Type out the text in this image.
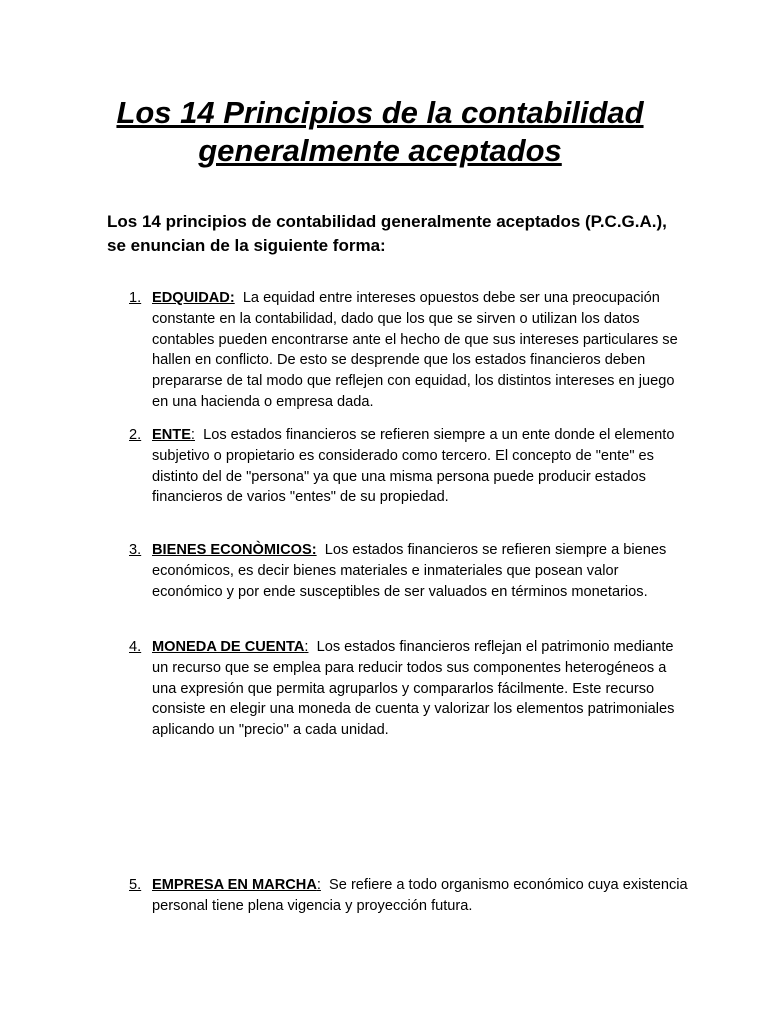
Los 14 Principios de la contabilidad
generalmente aceptados

Los 14 principios de contabilidad generalmente aceptados (P.C.G.A.),
se enuncian de la siguiente forma:

1. EDQUIDAD: La equidad entre intereses opuestos debe ser una preocupación constante en la contabilidad, dado que los que se sirven o utilizan los datos contables pueden encontrarse ante el hecho de que sus intereses particulares se hallen en conflicto. De esto se desprende que los estados financieros deben prepararse de tal modo que reflejen con equidad, los distintos intereses en juego en una hacienda o empresa dada.
2. ENTE: Los estados financieros se refieren siempre a un ente donde el elemento subjetivo o propietario es considerado como tercero. El concepto de "ente" es distinto del de "persona" ya que una misma persona puede producir estados financieros de varios "entes" de su propiedad.
3. BIENES ECONÒMICOS: Los estados financieros se refieren siempre a bienes económicos, es decir bienes materiales e inmateriales que posean valor económico y por ende susceptibles de ser valuados en términos monetarios.
4. MONEDA DE CUENTA: Los estados financieros reflejan el patrimonio mediante un recurso que se emplea para reducir todos sus componentes heterogéneos a una expresión que permita agruparlos y compararlos fácilmente. Este recurso consiste en elegir una moneda de cuenta y valorizar los elementos patrimoniales aplicando un "precio" a cada unidad.
5. EMPRESA EN MARCHA: Se refiere a todo organismo económico cuya existencia personal tiene plena vigencia y proyección futura.
